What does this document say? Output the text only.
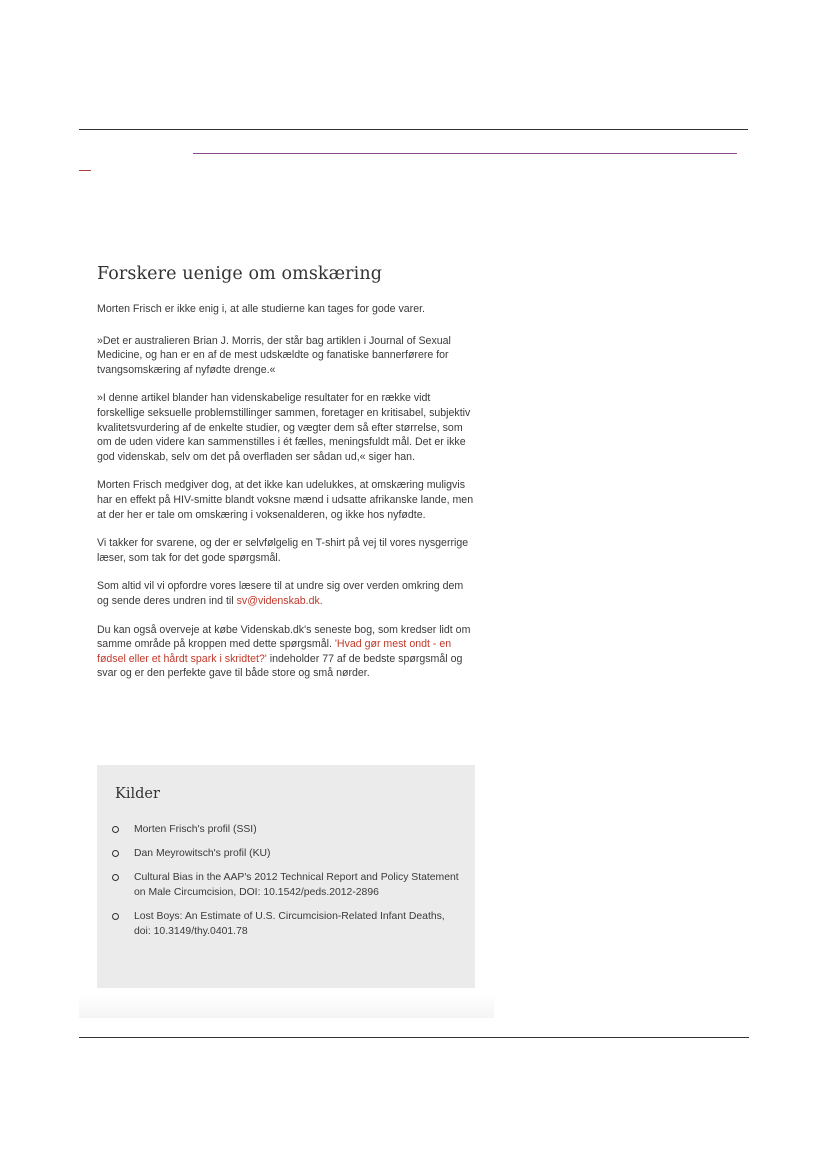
Forskere uenige om omskæring

Morten Frisch er ikke enig i, at alle studierne kan tages for gode varer.

»Det er australieren Brian J. Morris, der står bag artiklen i Journal of Sexual Medicine, og han er en af de mest udskældte og fanatiske bannerførere for tvangsomskæring af nyfødte drenge.«

»I denne artikel blander han videnskabelige resultater for en række vidt forskellige seksuelle problemstillinger sammen, foretager en kritisabel, subjektiv kvalitetsvurdering af de enkelte studier, og vægter dem så efter størrelse, som om de uden videre kan sammenstilles i ét fælles, meningsfuldt mål. Det er ikke god videnskab, selv om det på overfladen ser sådan ud,« siger han.

Morten Frisch medgiver dog, at det ikke kan udelukkes, at omskæring muligvis har en effekt på HIV-smitte blandt voksne mænd i udsatte afrikanske lande, men at der her er tale om omskæring i voksenalderen, og ikke hos nyfødte.

Vi takker for svarene, og der er selvfølgelig en T-shirt på vej til vores nysgerrige læser, som tak for det gode spørgsmål.

Som altid vil vi opfordre vores læsere til at undre sig over verden omkring dem og sende deres undren ind til sv@videnskab.dk.

Du kan også overveje at købe Videnskab.dk's seneste bog, som kredser lidt om samme område på kroppen med dette spørgsmål. 'Hvad gør mest ondt - en fødsel eller et hårdt spark i skridtet?' indeholder 77 af de bedste spørgsmål og svar og er den perfekte gave til både store og små nørder.

Kilder
Morten Frisch's profil (SSI)
Dan Meyrowitsch's profil (KU)
Cultural Bias in the AAP's 2012 Technical Report and Policy Statement on Male Circumcision, DOI: 10.1542/peds.2012-2896
Lost Boys: An Estimate of U.S. Circumcision-Related Infant Deaths, doi: 10.3149/thy.0401.78
